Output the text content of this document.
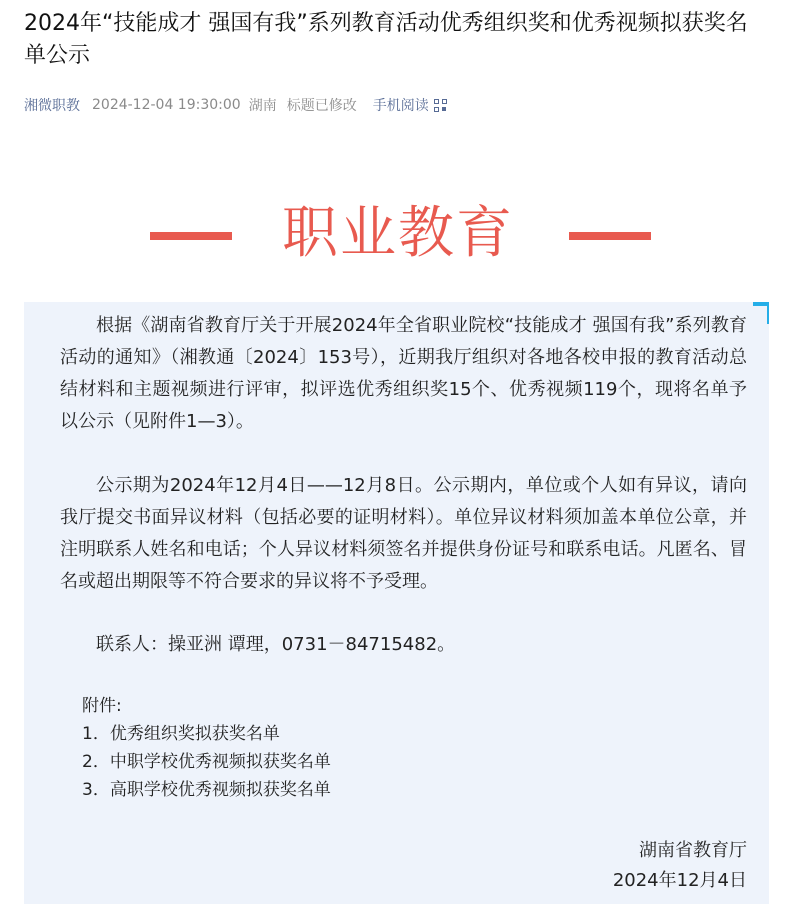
2024年“技能成才 强国有我”系列教育活动优秀组织奖和优秀视频拟获奖名单公示
湘微职教 2024-12-04 19:30:00 湖南 标题已修改 手机阅读
职业教育

根据《湖南省教育厅关于开展2024年全省职业院校“技能成才 强国有我”系列教育活动的通知》（湘教通〔2024〕153号），近期我厅组织对各地各校申报的教育活动总结材料和主题视频进行评审，拟评选优秀组织奖15个、优秀视频119个，现将名单予以公示（见附件1—3）。

公示期为2024年12月4日——12月8日。公示期内，单位或个人如有异议，请向我厅提交书面异议材料（包括必要的证明材料）。单位异议材料须加盖本单位公章，并注明联系人姓名和电话；个人异议材料须签名并提供身份证号和联系电话。凡匿名、冒名或超出期限等不符合要求的异议将不予受理。

联系人：操亚洲 谭理，0731－84715482。

附件:

1．优秀组织奖拟获奖名单

2．中职学校优秀视频拟获奖名单

3．高职学校优秀视频拟获奖名单

湖南省教育厅

2024年12月4日
